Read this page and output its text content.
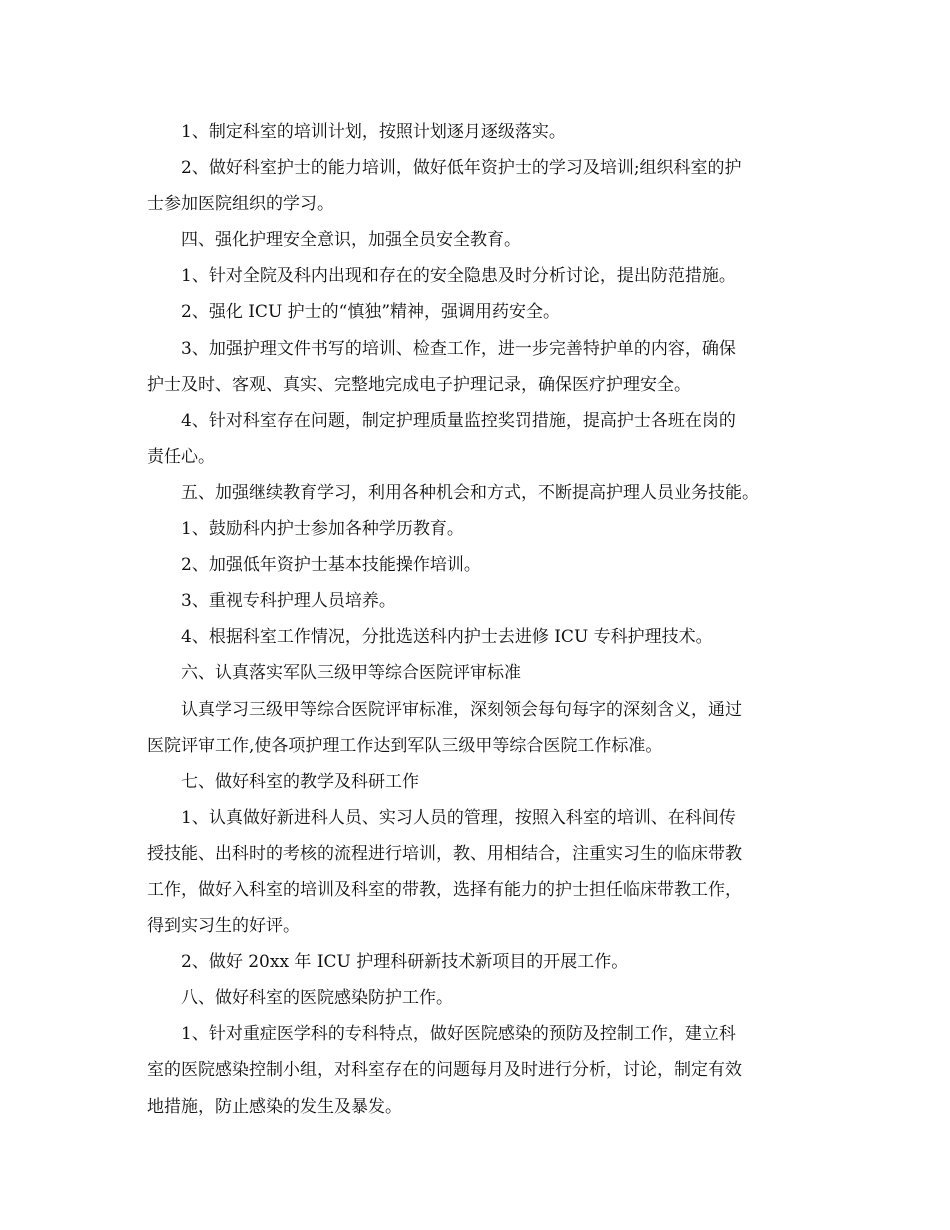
1、制定科室的培训计划，按照计划逐月逐级落实。

2、做好科室护士的能力培训，做好低年资护士的学习及培训;组织科室的护

士参加医院组织的学习。

四、强化护理安全意识，加强全员安全教育。

1、针对全院及科内出现和存在的安全隐患及时分析讨论，提出防范措施。

2、强化 ICU 护士的“慎独”精神，强调用药安全。

3、加强护理文件书写的培训、检查工作，进一步完善特护单的内容，确保

护士及时、客观、真实、完整地完成电子护理记录，确保医疗护理安全。

4、针对科室存在问题，制定护理质量监控奖罚措施，提高护士各班在岗的

责任心。

五、加强继续教育学习，利用各种机会和方式，不断提高护理人员业务技能。

1、鼓励科内护士参加各种学历教育。

2、加强低年资护士基本技能操作培训。

3、重视专科护理人员培养。

4、根据科室工作情况，分批选送科内护士去进修 ICU 专科护理技术。

六、认真落实军队三级甲等综合医院评审标准

认真学习三级甲等综合医院评审标准，深刻领会每句每字的深刻含义，通过

医院评审工作,使各项护理工作达到军队三级甲等综合医院工作标准。

七、做好科室的教学及科研工作

1、认真做好新进科人员、实习人员的管理，按照入科室的培训、在科间传

授技能、出科时的考核的流程进行培训，教、用相结合，注重实习生的临床带教

工作，做好入科室的培训及科室的带教，选择有能力的护士担任临床带教工作，

得到实习生的好评。

2、做好 20xx 年 ICU 护理科研新技术新项目的开展工作。

八、做好科室的医院感染防护工作。

1、针对重症医学科的专科特点，做好医院感染的预防及控制工作，建立科

室的医院感染控制小组，对科室存在的问题每月及时进行分析，讨论，制定有效

地措施，防止感染的发生及暴发。
